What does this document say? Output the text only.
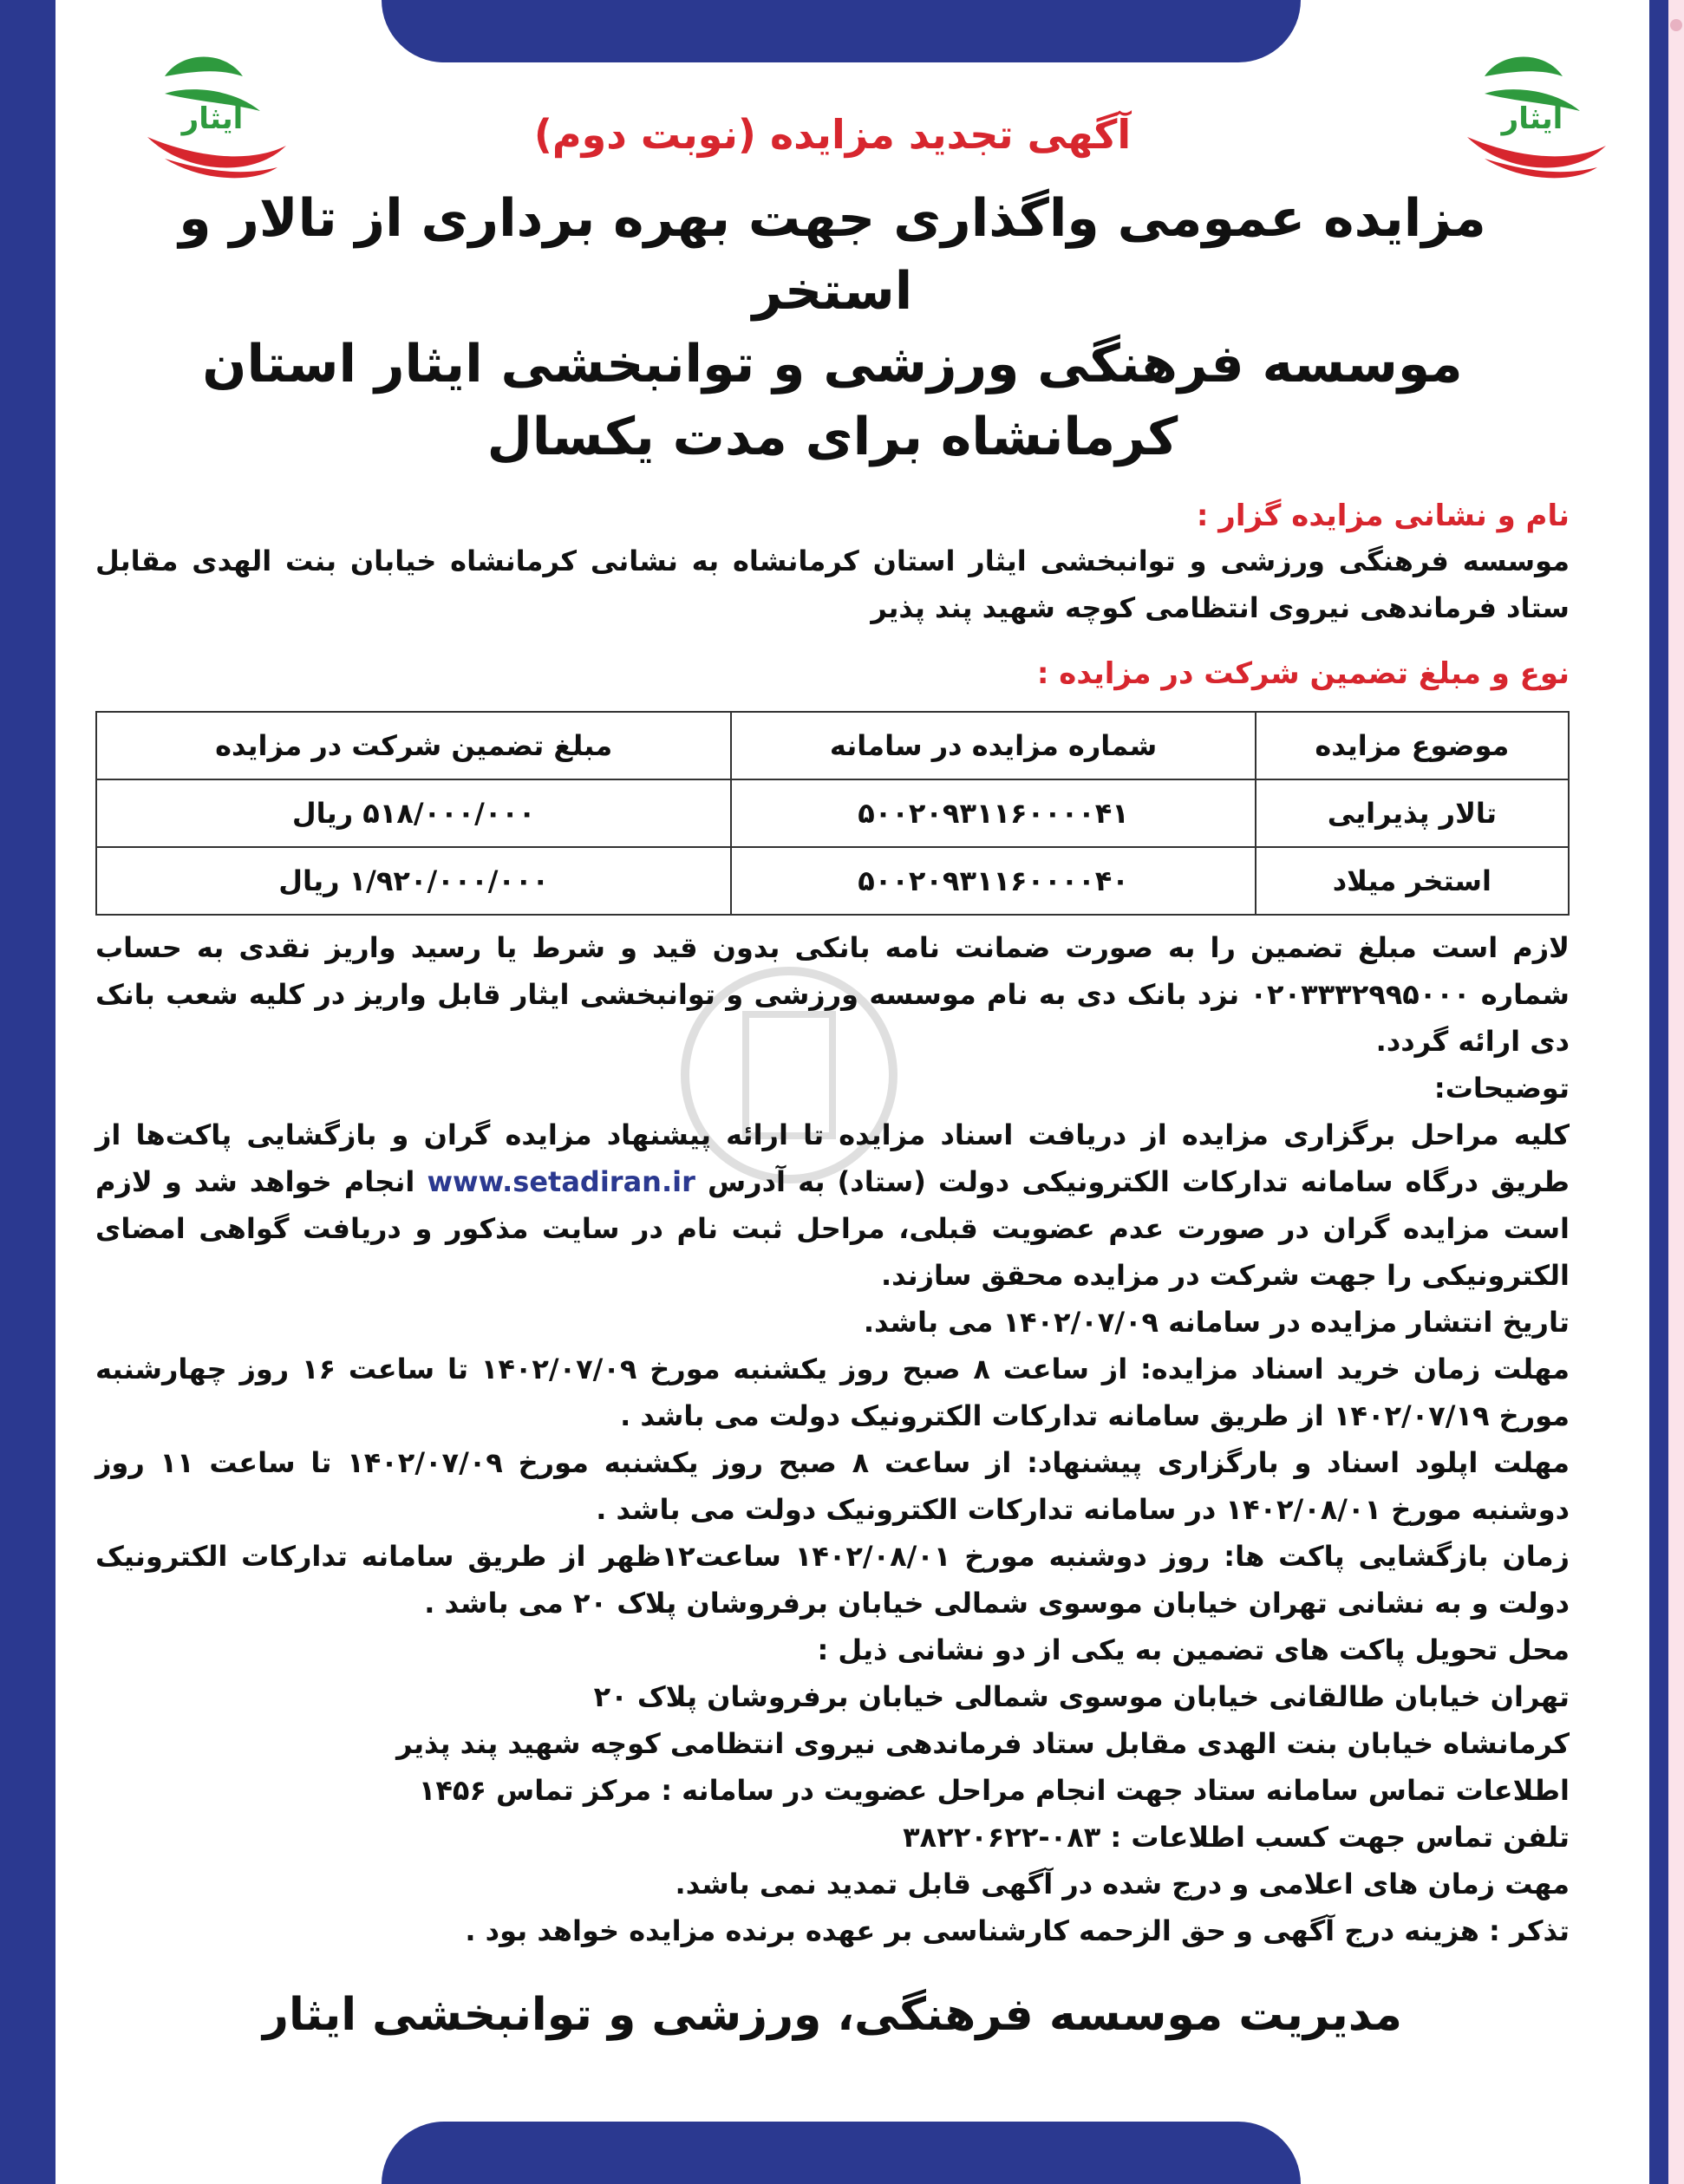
ایثار
ایثار	آگهی تجدید مزایده (نوبت دوم)

مزایده عمومی واگذاری جهت بهره برداری از تالار و استخر

موسسه فرهنگی ورزشی و توانبخشی ایثار استان کرمانشاه برای مدت یکسال

نام و نشانی مزایده گزار :

موسسه فرهنگی ورزشی و توانبخشی ایثار استان کرمانشاه به نشانی کرمانشاه خیابان بنت الهدی مقابل ستاد فرماندهی نیروی انتظامی کوچه شهید پند پذیر

نوع و مبلغ تضمین شرکت در مزایده :
موضوع مزایده	شماره مزایده در سامانه	مبلغ تضمین شرکت در مزایده
تالار پذیرایی	۵۰۰۲۰۹۳۱۱۶۰۰۰۰۴۱	۵۱۸/۰۰۰/۰۰۰ ریال
استخر میلاد	۵۰۰۲۰۹۳۱۱۶۰۰۰۰۴۰	۱/۹۲۰/۰۰۰/۰۰۰ ریال

لازم است مبلغ تضمین را به صورت ضمانت نامه بانکی بدون قید و شرط یا رسید واریز نقدی به حساب شماره ۰۲۰۳۳۳۲۹۹۵۰۰۰ نزد بانک دی به نام موسسه ورزشی و توانبخشی ایثار قابل واریز در کلیه شعب بانک دی ارائه گردد.

توضیحات:

کلیه مراحل برگزاری مزایده از دریافت اسناد مزایده تا ارائه پیشنهاد مزایده گران و بازگشایی پاکت‌ها از طریق درگاه سامانه تدارکات الکترونیکی دولت (ستاد) به آدرس www.setadiran.ir انجام خواهد شد و لازم است مزایده گران در صورت عدم عضویت قبلی، مراحل ثبت نام در سایت مذکور و دریافت گواهی امضای الکترونیکی را جهت شرکت در مزایده محقق سازند.

تاریخ انتشار مزایده در سامانه ۱۴۰۲/۰۷/۰۹ می باشد.

مهلت زمان خرید اسناد مزایده: از ساعت ۸ صبح روز یکشنبه مورخ ۱۴۰۲/۰۷/۰۹ تا ساعت ۱۶ روز چهارشنبه مورخ ۱۴۰۲/۰۷/۱۹ از طریق سامانه تدارکات الکترونیک دولت می باشد .

مهلت اپلود اسناد و بارگزاری پیشنهاد: از ساعت ۸ صبح روز یکشنبه مورخ ۱۴۰۲/۰۷/۰۹ تا ساعت ۱۱ روز دوشنبه مورخ ۱۴۰۲/۰۸/۰۱ در سامانه تدارکات الکترونیک دولت می باشد .

زمان بازگشایی پاکت ها: روز دوشنبه مورخ ۱۴۰۲/۰۸/۰۱ ساعت۱۲ظهر از طریق سامانه تدارکات الکترونیک دولت و به نشانی تهران خیابان موسوی شمالی خیابان برفروشان پلاک ۲۰ می باشد .

محل تحویل پاکت های تضمین به یکی از دو نشانی ذیل :

تهران خیابان طالقانی خیابان موسوی شمالی خیابان برفروشان پلاک ۲۰

کرمانشاه خیابان بنت الهدی مقابل ستاد فرماندهی نیروی انتظامی کوچه شهید پند پذیر

اطلاعات تماس سامانه ستاد جهت انجام مراحل عضویت در سامانه : مرکز تماس ۱۴۵۶

تلفن تماس جهت کسب اطلاعات : ۰۸۳-۳۸۲۲۰۶۲۲

مهت زمان های اعلامی و درج شده در آگهی قابل تمدید نمی باشد.

تذکر : هزینه درج آگهی و حق الزحمه کارشناسی بر عهده برنده مزایده خواهد بود .

مدیریت موسسه فرهنگی، ورزشی و توانبخشی ایثار
